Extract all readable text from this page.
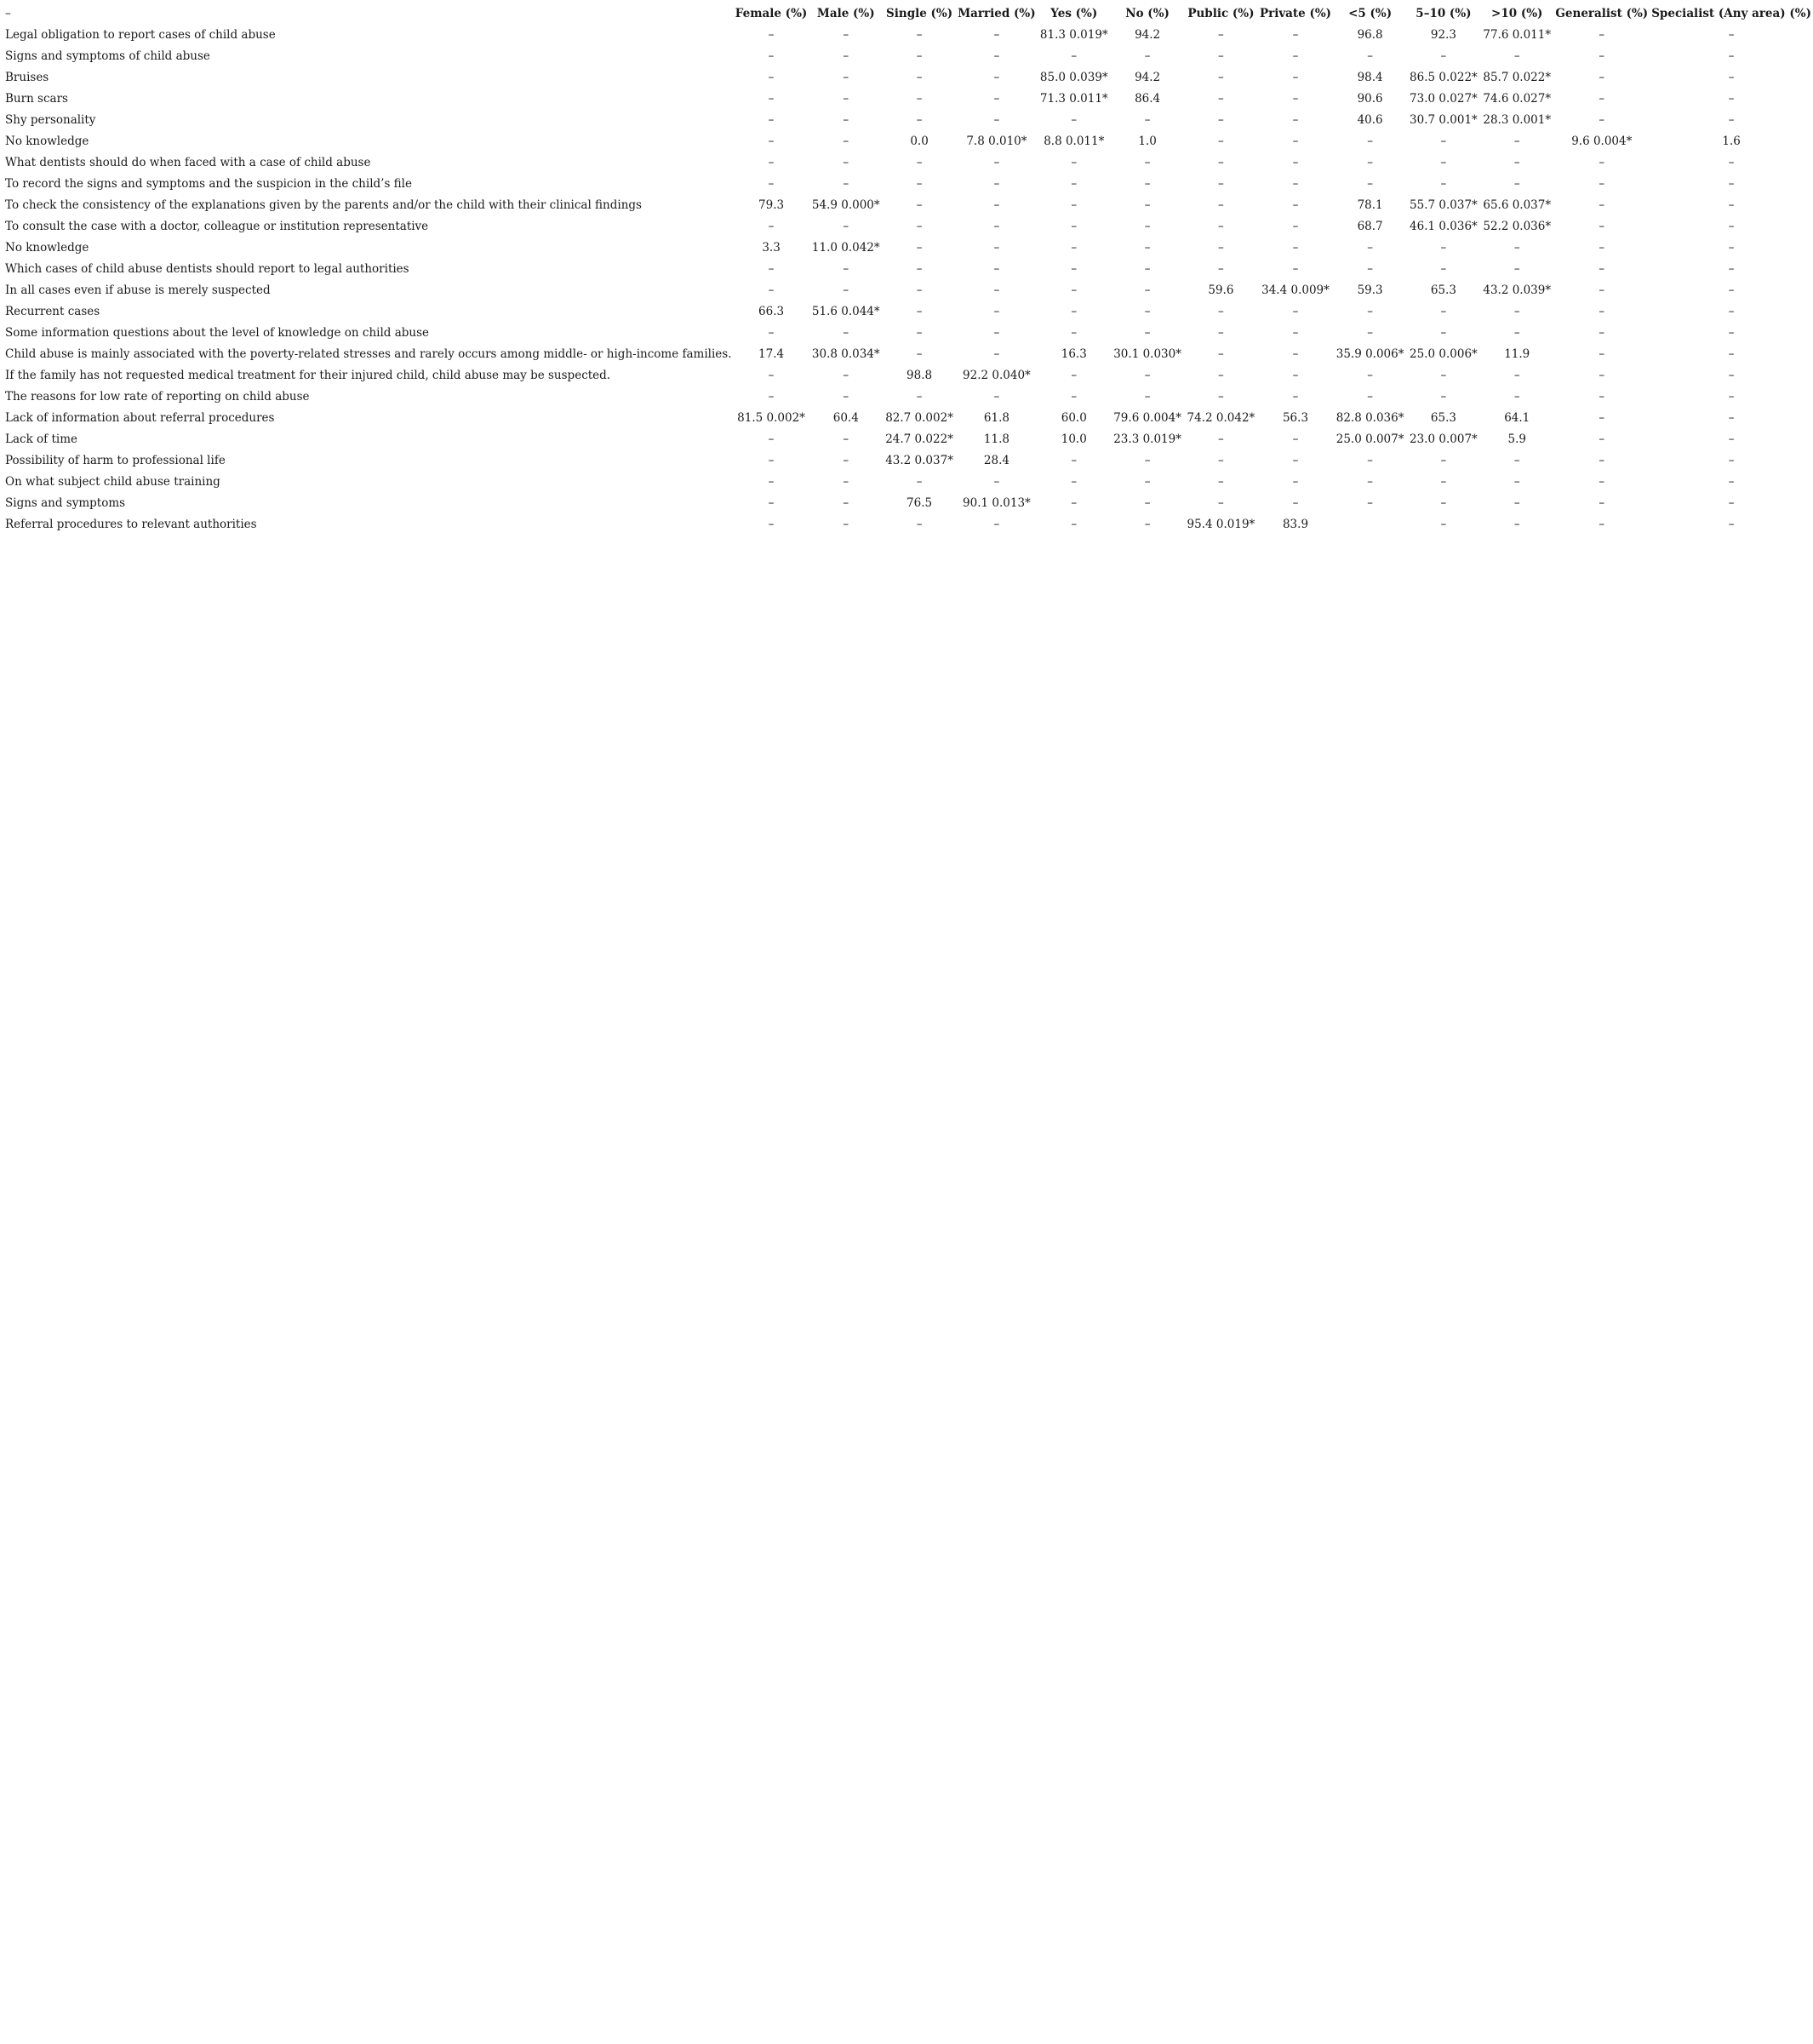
–	Female (%)	Male (%)	Single (%)	Married (%)	Yes (%)	No (%)	Public (%)	Private (%)	<5 (%)	5–10 (%)	>10 (%)	Generalist (%)	Specialist (Any area) (%)
Legal obligation to report cases of child abuse	–	–	–	–	81.3 0.019*	94.2	–	–	96.8	92.3	77.6 0.011*	–	–
Signs and symptoms of child abuse	–	–	–	–	–	–	–	–	–	–	–	–	–
Bruises	–	–	–	–	85.0 0.039*	94.2	–	–	98.4	86.5 0.022*	85.7 0.022*	–	–
Burn scars	–	–	–	–	71.3 0.011*	86.4	–	–	90.6	73.0 0.027*	74.6 0.027*	–	–
Shy personality	–	–	–	–	–	–	–	–	40.6	30.7 0.001*	28.3 0.001*	–	–
No knowledge	–	–	0.0	7.8 0.010*	8.8 0.011*	1.0	–	–	–	–	–	9.6 0.004*	1.6
What dentists should do when faced with a case of child abuse	–	–	–	–	–	–	–	–	–	–	–	–	–
To record the signs and symptoms and the suspicion in the child’s file	–	–	–	–	–	–	–	–	–	–	–	–	–
To check the consistency of the explanations given by the parents and/or the child with their clinical findings	79.3	54.9 0.000*	–	–	–	–	–	–	78.1	55.7 0.037*	65.6 0.037*	–	–
To consult the case with a doctor, colleague or institution representative	–	–	–	–	–	–	–	–	68.7	46.1 0.036*	52.2 0.036*	–	–
No knowledge	3.3	11.0 0.042*	–	–	–	–	–	–	–	–	–	–	–
Which cases of child abuse dentists should report to legal authorities	–	–	–	–	–	–	–	–	–	–	–	–	–
In all cases even if abuse is merely suspected	–	–	–	–	–	–	59.6	34.4 0.009*	59.3	65.3	43.2 0.039*	–	–
Recurrent cases	66.3	51.6 0.044*	–	–	–	–	–	–	–	–	–	–	–
Some information questions about the level of knowledge on child abuse	–	–	–	–	–	–	–	–	–	–	–	–	–
Child abuse is mainly associated with the poverty-related stresses and rarely occurs among middle- or high-income families.	17.4	30.8 0.034*	–	–	16.3	30.1 0.030*	–	–	35.9 0.006*	25.0 0.006*	11.9	–	–
If the family has not requested medical treatment for their injured child, child abuse may be suspected.	–	–	98.8	92.2 0.040*	–	–	–	–	–	–	–	–	–
The reasons for low rate of reporting on child abuse	–	–	–	–	–	–	–	–	–	–	–	–	–
Lack of information about referral procedures	81.5 0.002*	60.4	82.7 0.002*	61.8	60.0	79.6 0.004*	74.2 0.042*	56.3	82.8 0.036*	65.3	64.1	–	–
Lack of time	–	–	24.7 0.022*	11.8	10.0	23.3 0.019*	–	–	25.0 0.007*	23.0 0.007*	5.9	–	–
Possibility of harm to professional life	–	–	43.2 0.037*	28.4	–	–	–	–	–	–	–	–	–
On what subject child abuse training	–	–	–	–	–	–	–	–	–	–	–	–	–
Signs and symptoms	–	–	76.5	90.1 0.013*	–	–	–	–	–	–	–	–	–
Referral procedures to relevant authorities	–	–	–	–	–	–	95.4 0.019*	83.9		–	–	–	–
